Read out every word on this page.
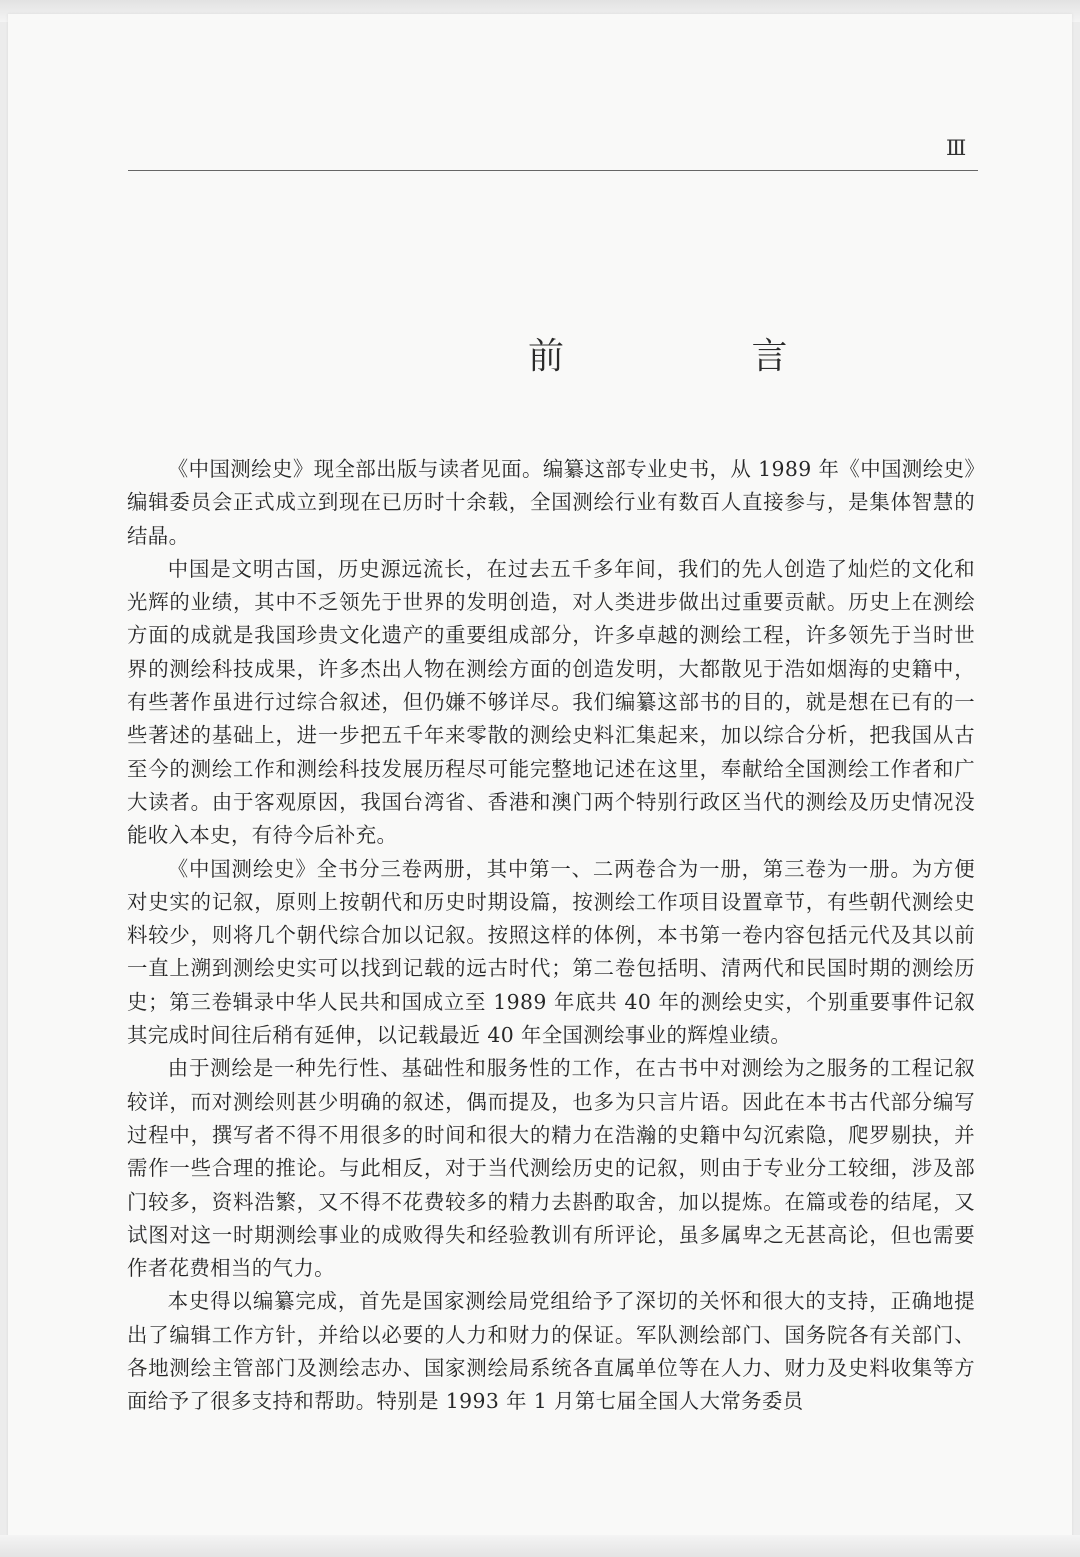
Ⅲ
前 言

《中国测绘史》现全部出版与读者见面。编纂这部专业史书，从 1989 年《中国测绘史》编辑委员会正式成立到现在已历时十余载，全国测绘行业有数百人直接参与，是集体智慧的结晶。

中国是文明古国，历史源远流长，在过去五千多年间，我们的先人创造了灿烂的文化和光辉的业绩，其中不乏领先于世界的发明创造，对人类进步做出过重要贡献。历史上在测绘方面的成就是我国珍贵文化遗产的重要组成部分，许多卓越的测绘工程，许多领先于当时世界的测绘科技成果，许多杰出人物在测绘方面的创造发明，大都散见于浩如烟海的史籍中，有些著作虽进行过综合叙述，但仍嫌不够详尽。我们编纂这部书的目的，就是想在已有的一些著述的基础上，进一步把五千年来零散的测绘史料汇集起来，加以综合分析，把我国从古至今的测绘工作和测绘科技发展历程尽可能完整地记述在这里，奉献给全国测绘工作者和广大读者。由于客观原因，我国台湾省、香港和澳门两个特别行政区当代的测绘及历史情况没能收入本史，有待今后补充。

《中国测绘史》全书分三卷两册，其中第一、二两卷合为一册，第三卷为一册。为方便对史实的记叙，原则上按朝代和历史时期设篇，按测绘工作项目设置章节，有些朝代测绘史料较少，则将几个朝代综合加以记叙。按照这样的体例，本书第一卷内容包括元代及其以前一直上溯到测绘史实可以找到记载的远古时代；第二卷包括明、清两代和民国时期的测绘历史；第三卷辑录中华人民共和国成立至 1989 年底共 40 年的测绘史实，个别重要事件记叙其完成时间往后稍有延伸，以记载最近 40 年全国测绘事业的辉煌业绩。

由于测绘是一种先行性、基础性和服务性的工作，在古书中对测绘为之服务的工程记叙较详，而对测绘则甚少明确的叙述，偶而提及，也多为只言片语。因此在本书古代部分编写过程中，撰写者不得不用很多的时间和很大的精力在浩瀚的史籍中勾沉索隐，爬罗剔抉，并需作一些合理的推论。与此相反，对于当代测绘历史的记叙，则由于专业分工较细，涉及部门较多，资料浩繁，又不得不花费较多的精力去斟酌取舍，加以提炼。在篇或卷的结尾，又试图对这一时期测绘事业的成败得失和经验教训有所评论，虽多属卑之无甚高论，但也需要作者花费相当的气力。

本史得以编纂完成，首先是国家测绘局党组给予了深切的关怀和很大的支持，正确地提出了编辑工作方针，并给以必要的人力和财力的保证。军队测绘部门、国务院各有关部门、各地测绘主管部门及测绘志办、国家测绘局系统各直属单位等在人力、财力及史料收集等方面给予了很多支持和帮助。特别是 1993 年 1 月第七届全国人大常务委员
